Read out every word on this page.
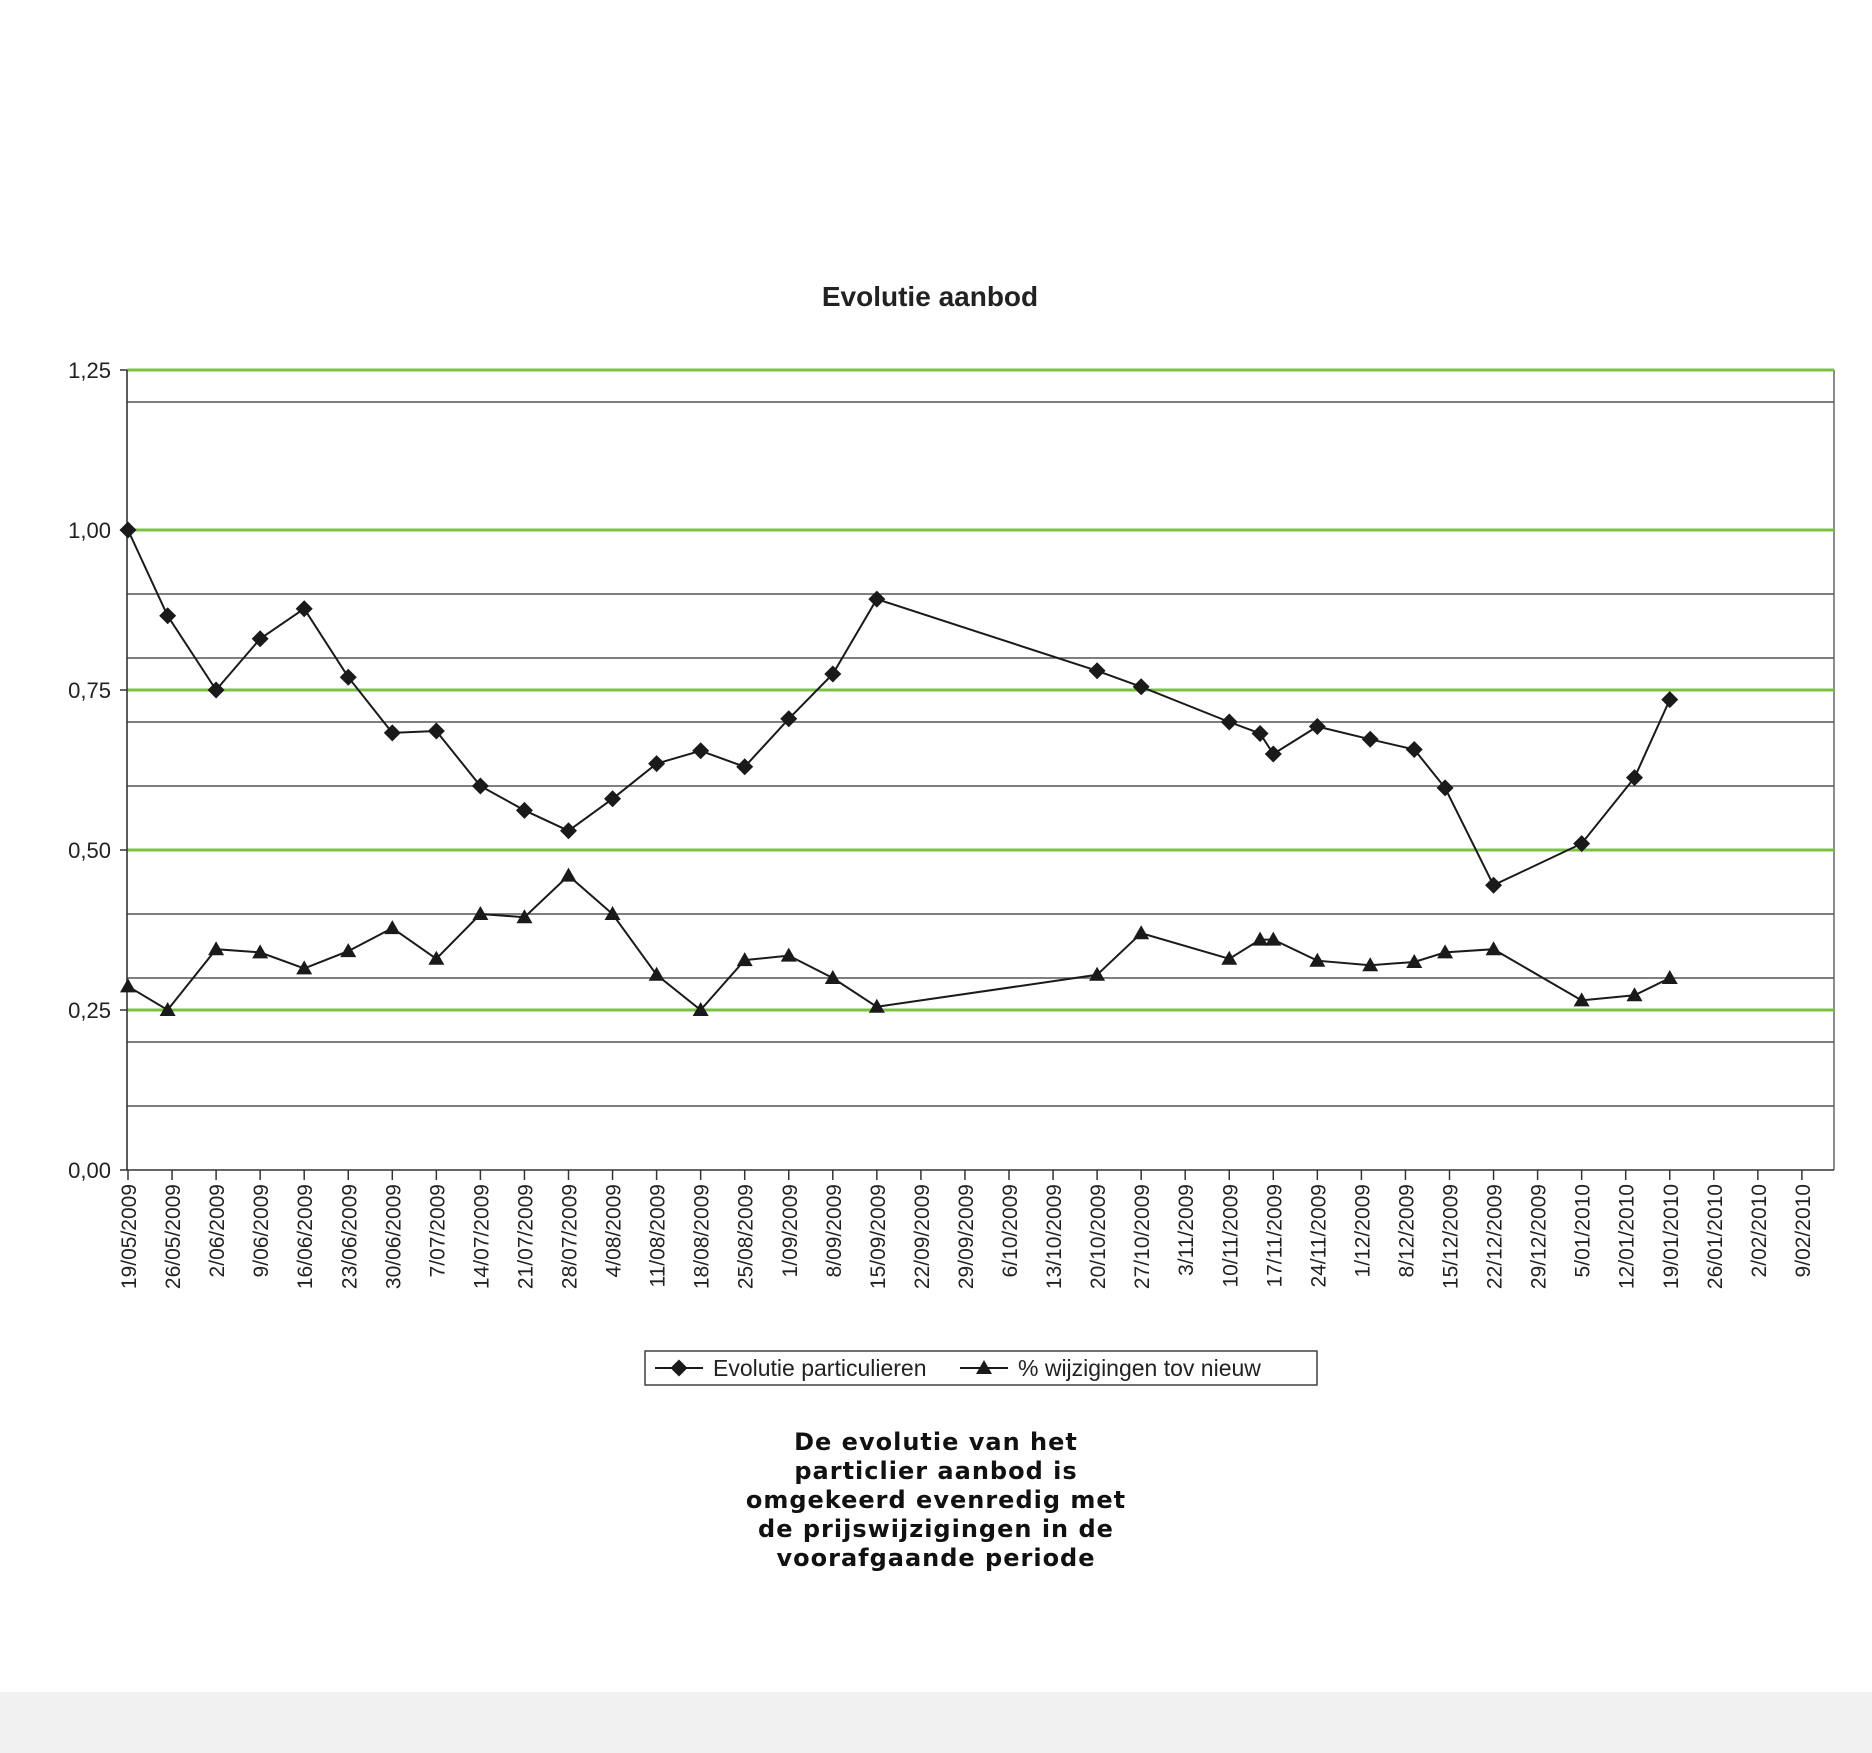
Evolutie aanbod
0,00
0,25
0,50
0,75
1,00
1,25
19/05/2009 26/05/2009 2/06/2009 9/06/2009 16/06/2009 23/06/2009 30/06/2009 7/07/2009 14/07/2009 21/07/2009 28/07/2009 4/08/2009 11/08/2009 18/08/2009 25/08/2009 1/09/2009 8/09/2009 15/09/2009 22/09/2009 29/09/2009 6/10/2009 13/10/2009 20/10/2009 27/10/2009 3/11/2009 10/11/2009 17/11/2009 24/11/2009 1/12/2009 8/12/2009 15/12/2009 22/12/2009 29/12/2009 5/01/2010 12/01/2010 19/01/2010 26/01/2010 2/02/2010 9/02/2010
Evolutie particulieren	% wijzigingen tov nieuw
De evolutie van het
particlier aanbod is
omgekeerd evenredig met
de prijswijzigingen in de
voorafgaande periode
